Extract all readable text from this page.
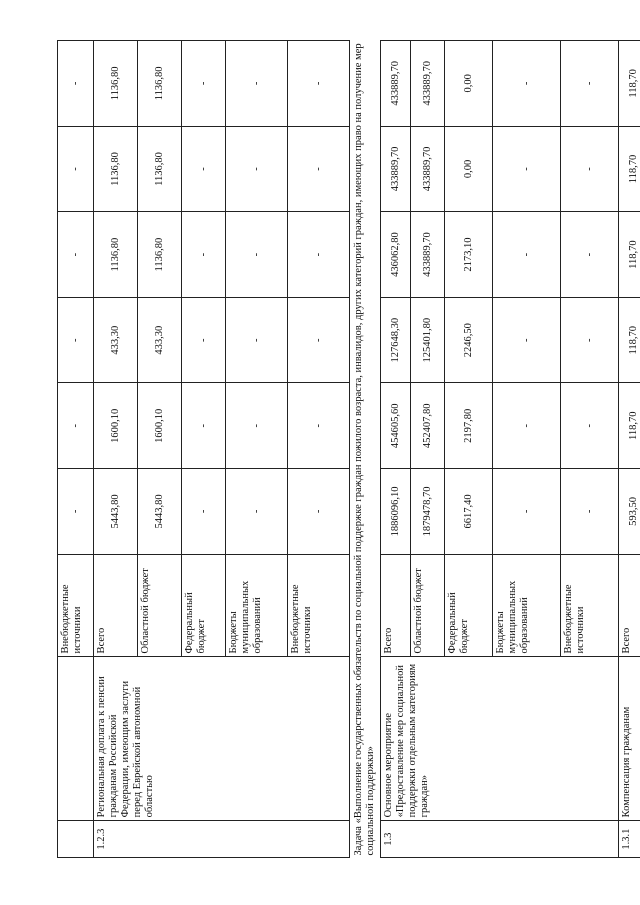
		Внебюджетные источники	-	-	-	-	-	-
1.2.3	Региональная доплата к пенсии гражданам Российской Федерации, имеющим заслуги перед Еврейской автономной областью	Всего	5443,80	1600,10	433,30	1136,80	1136,80	1136,80
		Областной бюджет	5443,80	1600,10	433,30	1136,80	1136,80	1136,80
		Федеральный бюджет	-	-	-	-	-	-
		Бюджеты муниципальных образований	-	-	-	-	-	-
		Внебюджетные источники	-	-	-	-	-	-
Задача «Выполнение государственных обязательств по социальной поддержке граждан пожилого возраста, инвалидов, других категорий граждан, имеющих право на получение мер социальной поддержки»								
1.3	Основное мероприятие «Предоставление мер социальной поддержки отдельным категориям граждан»	Всего	1886096,10	454605,60	127648,30	436062,80	433889,70	433889,70
		Областной бюджет	1879478,70	452407,80	125401,80	433889,70	433889,70	433889,70
		Федеральный бюджет	6617,40	2197,80	2246,50	2173,10	0,00	0,00
		Бюджеты муниципальных образований	-	-	-	-	-	-
		Внебюджетные источники	-	-	-	-	-	-
1.3.1	Компенсация гражданам	Всего	593,50	118,70	118,70	118,70	118,70	118,70
